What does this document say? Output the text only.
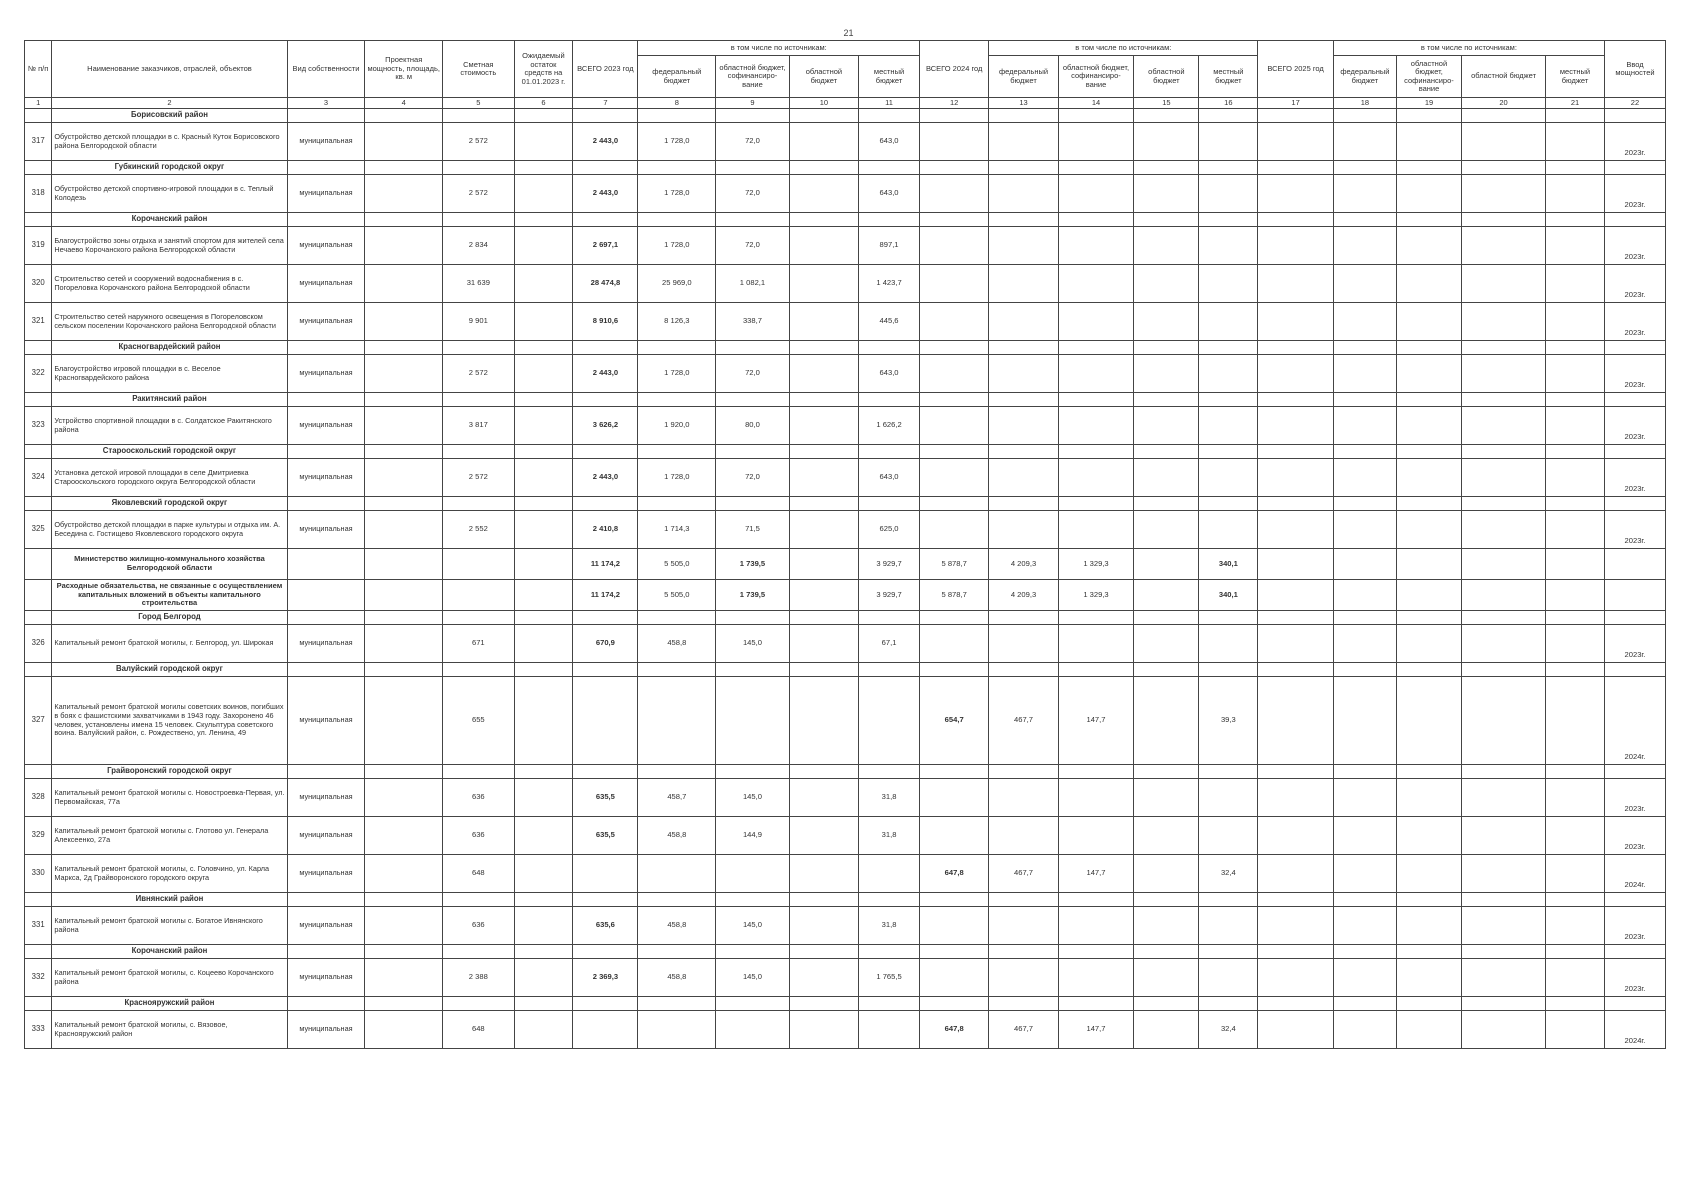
21
№ п/п	Наименование заказчиков, отраслей, объектов	Вид собственности	Проектная мощность, площадь, кв. м	Сметная стоимость	Ожидаемый остаток средств на 01.01.2023 г.	ВСЕГО 2023 год	в том числе по источникам:				ВСЕГО 2024 год	в том числе по источникам:				ВСЕГО 2025 год	в том числе по источникам:				Ввод мощностей
							федеральный бюджет	областной бюджет, софинансиро- вание	областной бюджет	местный бюджет		федеральный бюджет	областной бюджет, софинансиро- вание	областной бюджет	местный бюджет		федеральный бюджет	областной бюджет, софинансиро- вание	областной бюджет	местный бюджет	
1	2	3	4	5	6	7	8	9	10	11	12	13	14	15	16	17	18	19	20	21	22
	Борисовский район																				
317	Обустройство детской площадки в с. Красный Куток Борисовского района Белгородской области	муниципальная		2 572		2 443,0	1 728,0	72,0		643,0											2023г.
	Губкинский городской округ																				
318	Обустройство детской спортивно-игровой площадки в с. Теплый Колодезь	муниципальная		2 572		2 443,0	1 728,0	72,0		643,0											2023г.
	Корочанский район																				
319	Благоустройство зоны отдыха и занятий спортом для жителей села Нечаево Корочанского района Белгородской области	муниципальная		2 834		2 697,1	1 728,0	72,0		897,1											2023г.
320	Строительство сетей и сооружений водоснабжения в с. Погореловка Корочанского района Белгородской области	муниципальная		31 639		28 474,8	25 969,0	1 082,1		1 423,7											2023г.
321	Строительство сетей наружного освещения в Погореловском сельском поселении Корочанского района Белгородской области	муниципальная		9 901		8 910,6	8 126,3	338,7		445,6											2023г.
	Красногвардейский район																				
322	Благоустройство игровой площадки в с. Веселое Красногвардейского района	муниципальная		2 572		2 443,0	1 728,0	72,0		643,0											2023г.
	Ракитянский район																				
323	Устройство спортивной площадки в с. Солдатское Ракитянского района	муниципальная		3 817		3 626,2	1 920,0	80,0		1 626,2											2023г.
	Старооскольский городской округ																				
324	Установка детской игровой площадки в селе Дмитриевка Старооскольского городского округа Белгородской области	муниципальная		2 572		2 443,0	1 728,0	72,0		643,0											2023г.
	Яковлевский городской округ																				
325	Обустройство детской площадки в парке культуры и отдыха им. А. Беседина с. Гостищево Яковлевского городского округа	муниципальная		2 552		2 410,8	1 714,3	71,5		625,0											2023г.
	Министерство жилищно-коммунального хозяйства Белгородской области					11 174,2	5 505,0	1 739,5		3 929,7	5 878,7	4 209,3	1 329,3		340,1						
	Расходные обязательства, не связанные с осуществлением капитальных вложений в объекты капитального строительства					11 174,2	5 505,0	1 739,5		3 929,7	5 878,7	4 209,3	1 329,3		340,1						
	Город Белгород																				
326	Капитальный ремонт братской могилы, г. Белгород, ул. Широкая	муниципальная		671		670,9	458,8	145,0		67,1											2023г.
	Валуйский городской округ																				
327	Капитальный ремонт братской могилы советских воинов, погибших в боях с фашистскими захватчиками в 1943 году. Захоронено 46 человек, установлены имена 15 человек. Скульптура советского воина. Валуйский район, с. Рождествено, ул. Ленина, 49	муниципальная		655							654,7	467,7	147,7		39,3						2024г.
	Грайворонский городской округ																				
328	Капитальный ремонт братской могилы с. Новостроевка-Первая, ул. Первомайская, 77а	муниципальная		636		635,5	458,7	145,0		31,8											2023г.
329	Капитальный ремонт братской могилы с. Глотово ул. Генерала Алексеенко, 27а	муниципальная		636		635,5	458,8	144,9		31,8											2023г.
330	Капитальный ремонт братской могилы, с. Головчино, ул. Карла Маркса, 2д Грайворонского городского округа	муниципальная		648							647,8	467,7	147,7		32,4						2024г.
	Ивнянский район																				
331	Капитальный ремонт братской могилы с. Богатое Ивнянского района	муниципальная		636		635,6	458,8	145,0		31,8											2023г.
	Корочанский район																				
332	Капитальный ремонт братской могилы, с. Коцеево Корочанского района	муниципальная		2 388		2 369,3	458,8	145,0		1 765,5											2023г.
	Краснояружский район																				
333	Капитальный ремонт братской могилы, с. Вязовое, Краснояружский район	муниципальная		648							647,8	467,7	147,7		32,4						2024г.
